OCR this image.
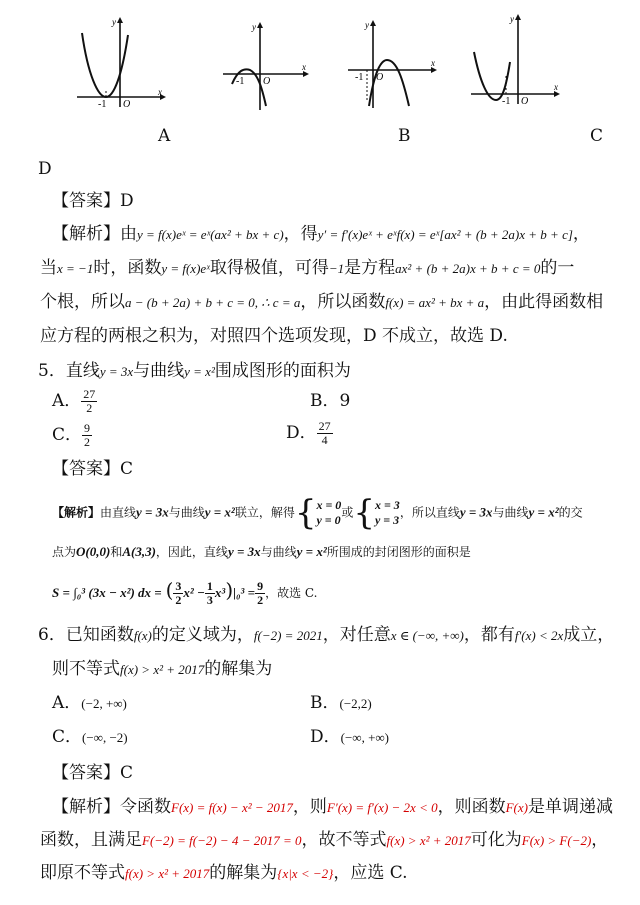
y
x
-1 O
A
y
x
-1 O
y
x
-1 O
B
y
x
-1 O
C
D
【答案】D
【解析】由y = f(x)eˣ = eˣ(ax² + bx + c)，得y′ = f′(x)eˣ + eˣf(x) = eˣ[ax² + (b + 2a)x + b + c]，
当x = −1时，函数y = f(x)eˣ取得极值，可得−1是方程ax² + (b + 2a)x + b + c = 0的一
个根，所以a − (b + 2a) + b + c = 0, ∴ c = a，所以函数f(x) = ax² + bx + a，由此得函数相
应方程的两根之积为，对照四个选项发现，D 不成立，故选 D.
5．直线y = 3x与曲线y = x²围成图形的面积为
A． $\frac{27}{2}$	B．9
C． $\frac{9}{2}$	D． $\frac{27}{4}$
【答案】C
【解析】由直线y = 3x与曲线y = x²联立，解得{ x = 0
y = 0
或{ x = 3
y = 3
，所以直线y = 3x与曲线y = x²的交
点为O(0,0)和A(3,3)，因此，直线y = 3x与曲线y = x²所围成的封闭图形的面积是
S = ∫₀³ (3x − x²) dx = ( $\frac{3}{2} x^2 - \frac{1}{3} x^3)|_0^3 = \frac{9}{2}$ ，故选 C.
6．已知函数f(x)的定义域为，f(−2) = 2021，对任意x ∈ (−∞, +∞)，都有f′(x) < 2x成立，
则不等式f(x) > x² + 2017的解集为
A．(−2, +∞)	B．(−2,2)
C．(−∞, −2)	D．(−∞, +∞)
【答案】C
【解析】令函数F(x) = f(x) − x² − 2017，则F′(x) = f′(x) − 2x < 0，则函数F(x)是单调递减
函数，且满足F(−2) = f(−2) − 4 − 2017 = 0，故不等式f(x) > x² + 2017可化为F(x) > F(−2)，
即原不等式f(x) > x² + 2017的解集为{x|x < −2}，应选 C.
